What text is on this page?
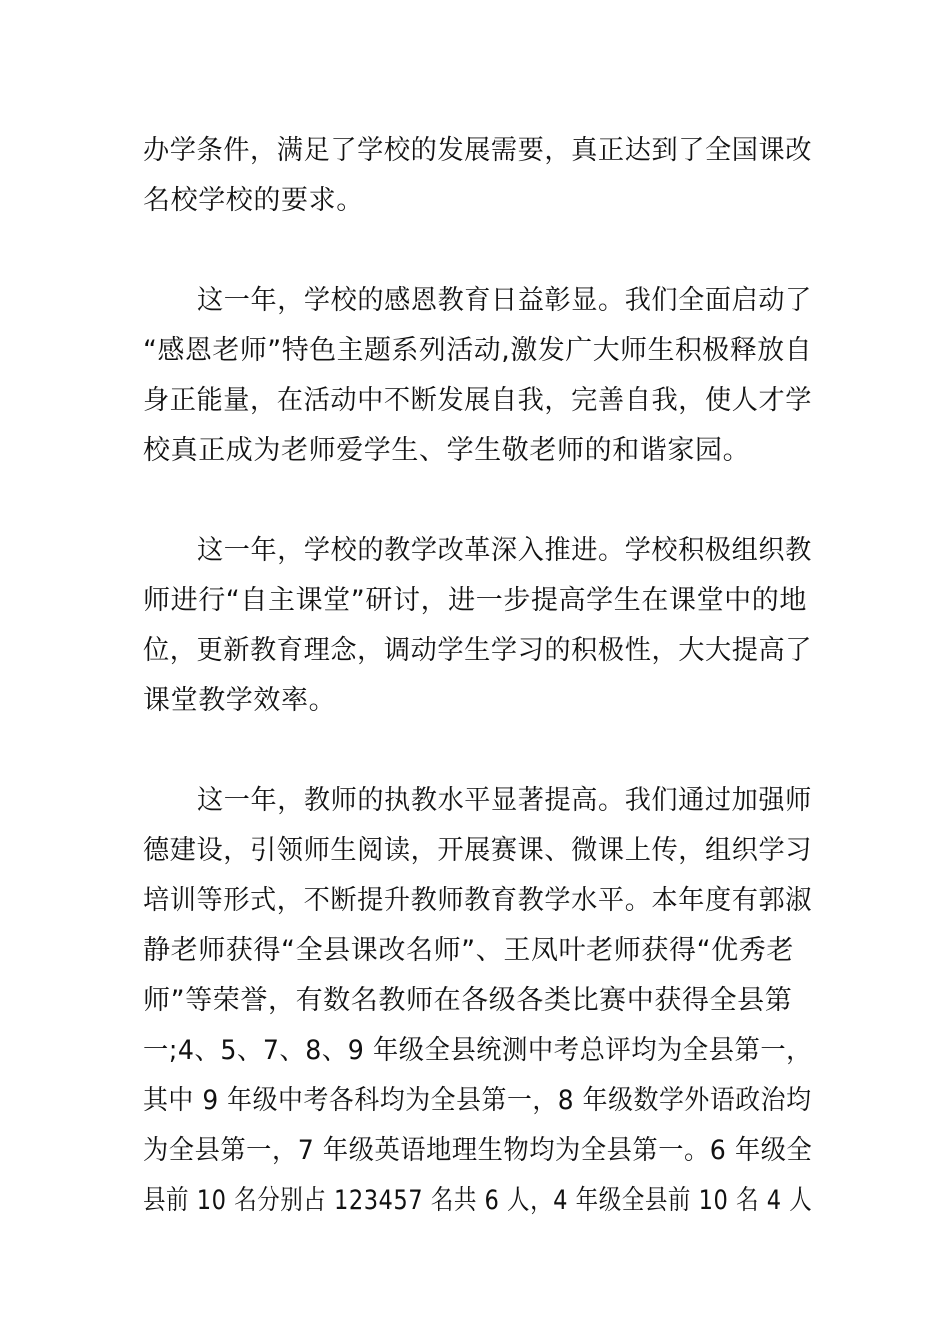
办学条件，满足了学校的发展需要，真正达到了全国课改
名校学校的要求。
这一年，学校的感恩教育日益彰显。我们全面启动了
“感恩老师”特色主题系列活动,激发广大师生积极释放自
身正能量，在活动中不断发展自我，完善自我，使人才学
校真正成为老师爱学生、学生敬老师的和谐家园。
这一年，学校的教学改革深入推进。学校积极组织教
师进行“自主课堂”研讨，进一步提高学生在课堂中的地
位，更新教育理念，调动学生学习的积极性，大大提高了
课堂教学效率。
这一年，教师的执教水平显著提高。我们通过加强师
德建设，引领师生阅读，开展赛课、微课上传，组织学习
培训等形式，不断提升教师教育教学水平。本年度有郭淑
静老师获得“全县课改名师”、王凤叶老师获得“优秀老
师”等荣誉，有数名教师在各级各类比赛中获得全县第
一;4、5、7、8、9 年级全县统测中考总评均为全县第一，
其中 9 年级中考各科均为全县第一，8 年级数学外语政治均
为全县第一，7 年级英语地理生物均为全县第一。6 年级全
县前 10 名分别占 123457 名共 6 人，4 年级全县前 10 名 4 人
